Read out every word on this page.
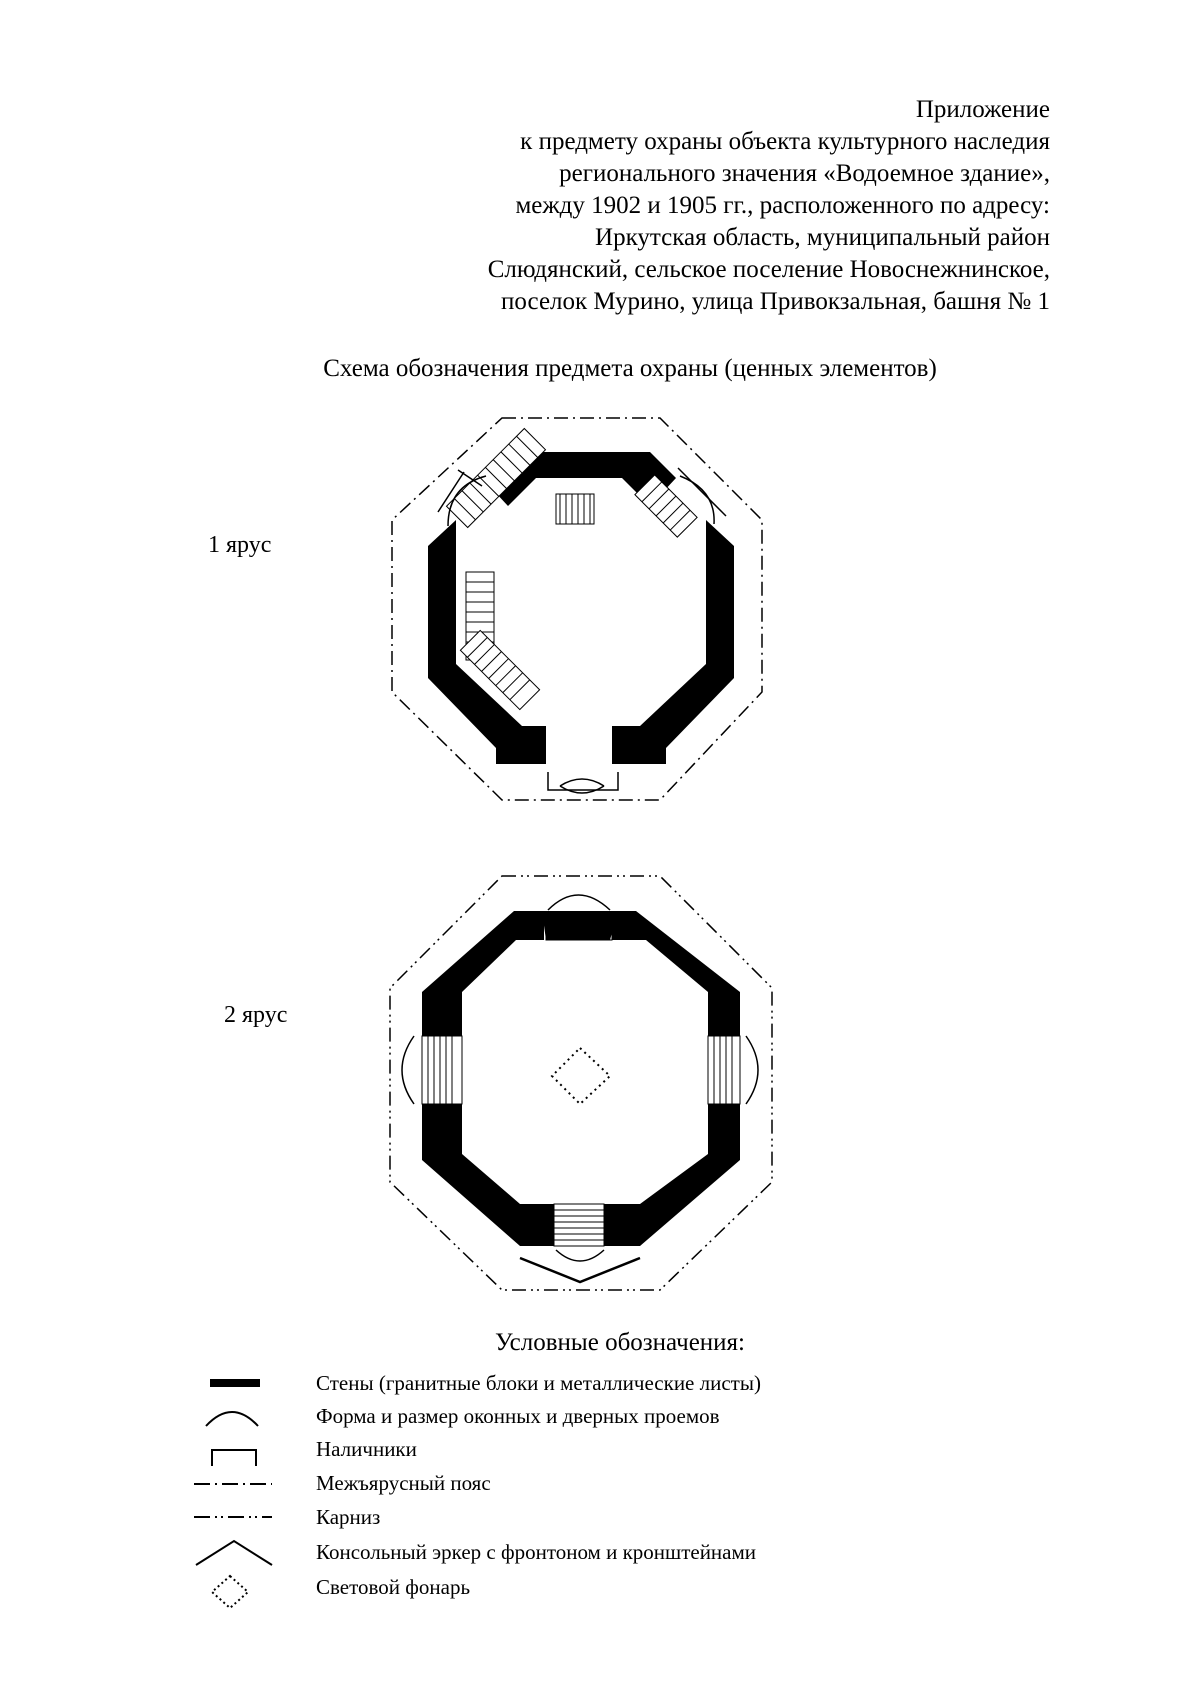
Приложение
к предмету охраны объекта культурного наследия
регионального значения «Водоемное здание»,
между 1902 и 1905 гг., расположенного по адресу:
Иркутская область, муниципальный район
Слюдянский, сельское поселение Новоснежнинское,
поселок Мурино, улица Привокзальная, башня № 1
Схема обозначения предмета охраны (ценных элементов)
1 ярус
2 ярус
Условные обозначения:
Стены (гранитные блоки и металлические листы)
Форма и размер оконных и дверных проемов
Наличники
Межъярусный пояс
Карниз
Консольный эркер с фронтоном и кронштейнами
Световой фонарь
